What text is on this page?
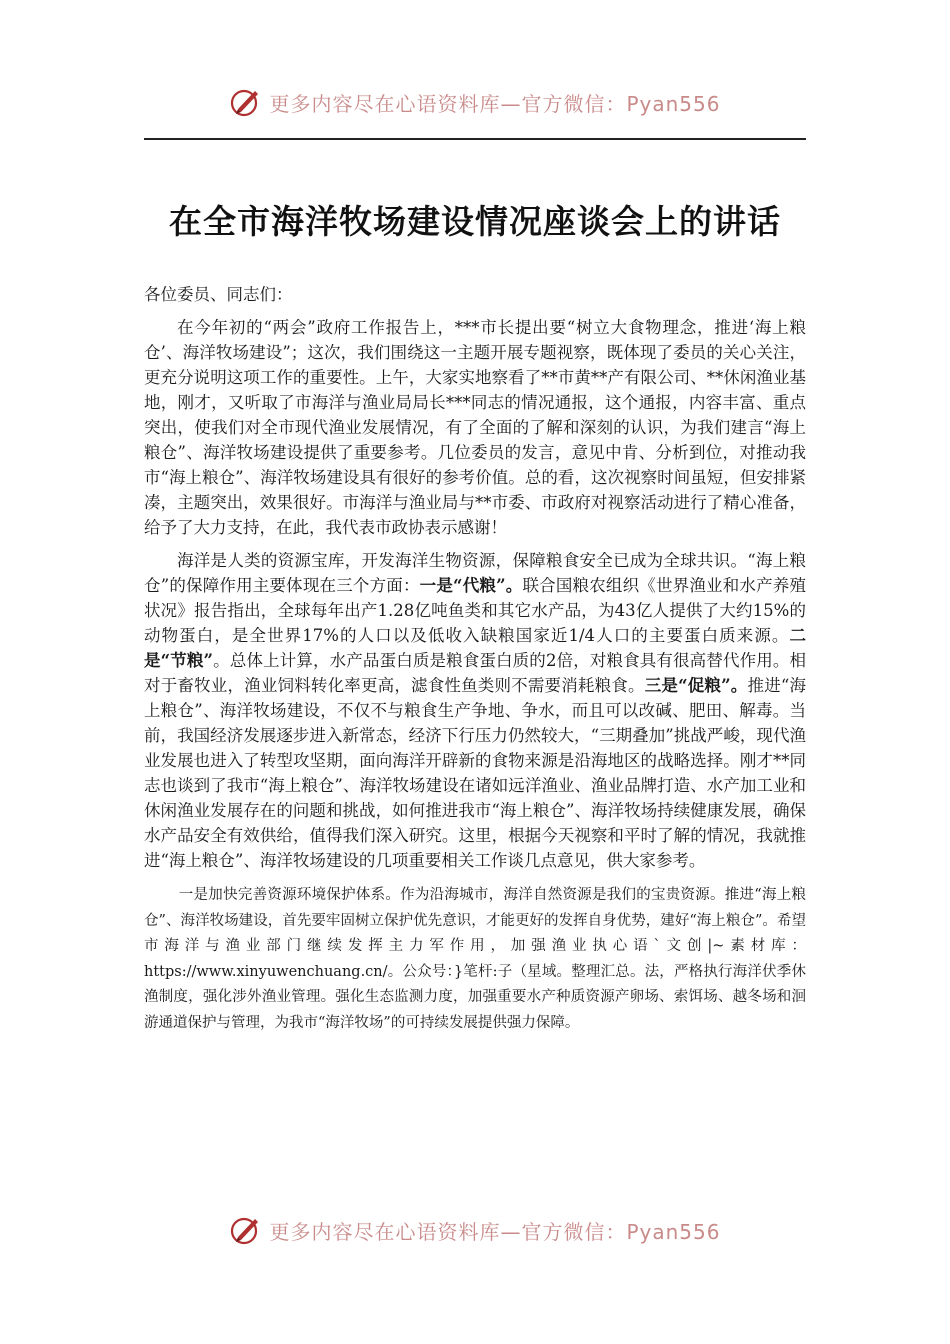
更多内容尽在心语资料库—官方微信：Pyan556
在全市海洋牧场建设情况座谈会上的讲话

各位委员、同志们：

在今年初的“两会”政府工作报告上，***市长提出要“树立大食物理念，推进‘海上粮仓’、海洋牧场建设”；这次，我们围绕这一主题开展专题视察，既体现了委员的关心关注，更充分说明这项工作的重要性。上午，大家实地察看了**市黄**产有限公司、**休闲渔业基地，刚才，又听取了市海洋与渔业局局长***同志的情况通报，这个通报，内容丰富、重点突出，使我们对全市现代渔业发展情况，有了全面的了解和深刻的认识，为我们建言“海上粮仓”、海洋牧场建设提供了重要参考。几位委员的发言，意见中肯、分析到位，对推动我市“海上粮仓”、海洋牧场建设具有很好的参考价值。总的看，这次视察时间虽短，但安排紧凑，主题突出，效果很好。市海洋与渔业局与**市委、市政府对视察活动进行了精心准备，给予了大力支持，在此，我代表市政协表示感谢！

海洋是人类的资源宝库，开发海洋生物资源，保障粮食安全已成为全球共识。“海上粮仓”的保障作用主要体现在三个方面：一是“代粮”。联合国粮农组织《世界渔业和水产养殖状况》报告指出，全球每年出产1.28亿吨鱼类和其它水产品，为43亿人提供了大约15%的动物蛋白，是全世界17%的人口以及低收入缺粮国家近1/4人口的主要蛋白质来源。二是“节粮”。总体上计算，水产品蛋白质是粮食蛋白质的2倍，对粮食具有很高替代作用。相对于畜牧业，渔业饲料转化率更高，滤食性鱼类则不需要消耗粮食。三是“促粮”。推进“海上粮仓”、海洋牧场建设，不仅不与粮食生产争地、争水，而且可以改碱、肥田、解毒。当前，我国经济发展逐步进入新常态，经济下行压力仍然较大，“三期叠加”挑战严峻，现代渔业发展也进入了转型攻坚期，面向海洋开辟新的食物来源是沿海地区的战略选择。刚才**同志也谈到了我市“海上粮仓”、海洋牧场建设在诸如远洋渔业、渔业品牌打造、水产加工业和休闲渔业发展存在的问题和挑战，如何推进我市“海上粮仓”、海洋牧场持续健康发展，确保水产品安全有效供给，值得我们深入研究。这里，根据今天视察和平时了解的情况，我就推进“海上粮仓”、海洋牧场建设的几项重要相关工作谈几点意见，供大家参考。

一是加快完善资源环境保护体系。作为沿海城市，海洋自然资源是我们的宝贵资源。推进“海上粮仓”、海洋牧场建设，首先要牢固树立保护优先意识，才能更好的发挥自身优势，建好“海上粮仓”。希望市海洋与渔业部门继续发挥主力军作用，加强渔业执心语`文创|~素材库：https://www.xinyuwenchuang.cn/。公众号：}笔杆:子（星域。整理汇总。法，严格执行海洋伏季休渔制度，强化涉外渔业管理。强化生态监测力度，加强重要水产种质资源产卵场、索饵场、越冬场和洄游通道保护与管理，为我市“海洋牧场”的可持续发展提供强力保障。

更多内容尽在心语资料库—官方微信：Pyan556
